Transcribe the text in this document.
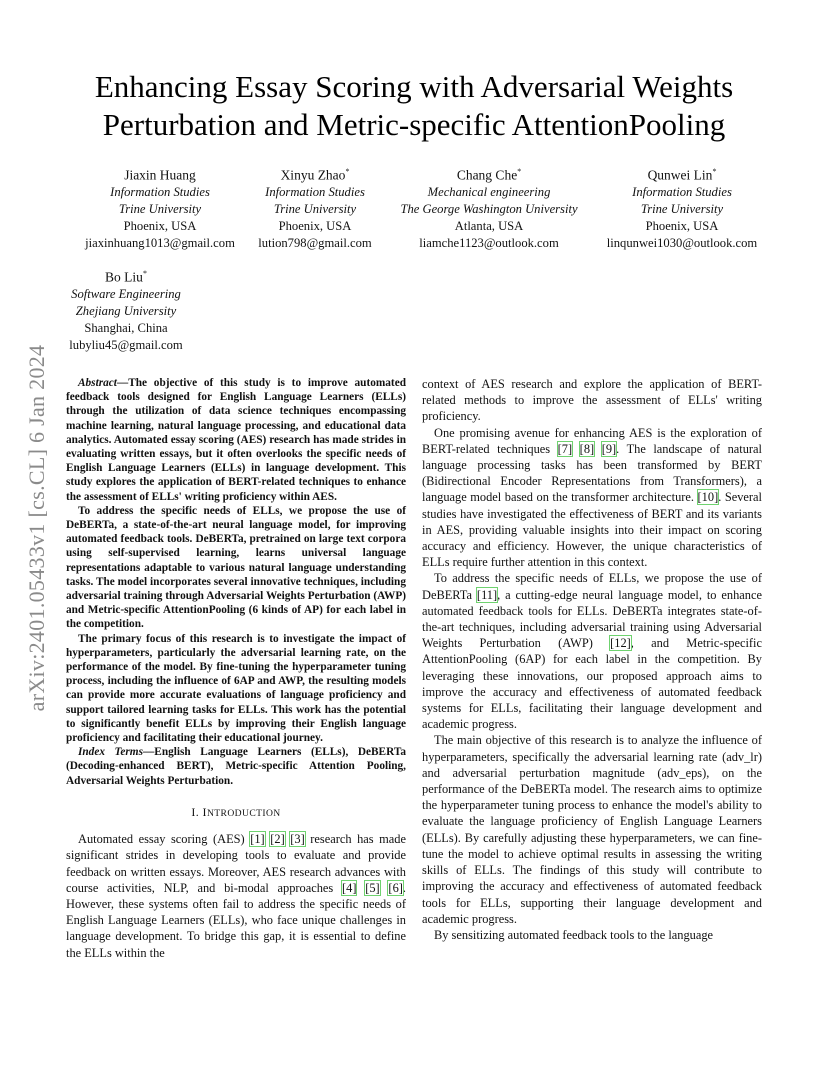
arXiv:2401.05433v1 [cs.CL] 6 Jan 2024
Enhancing Essay Scoring with Adversarial Weights Perturbation and Metric-specific AttentionPooling
Jiaxin Huang
Information Studies
Trine University
Phoenix, USA
jiaxinhuang1013@gmail.com
Xinyu Zhao*
Information Studies
Trine University
Phoenix, USA
lution798@gmail.com
Chang Che*
Mechanical engineering
The George Washington University
Atlanta, USA
liamche1123@outlook.com
Qunwei Lin*
Information Studies
Trine University
Phoenix, USA
linqunwei1030@outlook.com
Bo Liu*
Software Engineering
Zhejiang University
Shanghai, China
lubyliu45@gmail.com

Abstract—The objective of this study is to improve automated feedback tools designed for English Language Learners (ELLs) through the utilization of data science techniques encompassing machine learning, natural language processing, and educational data analytics. Automated essay scoring (AES) research has made strides in evaluating written essays, but it often overlooks the specific needs of English Language Learners (ELLs) in language development. This study explores the application of BERT-related techniques to enhance the assessment of ELLs' writing proficiency within AES.

To address the specific needs of ELLs, we propose the use of DeBERTa, a state-of-the-art neural language model, for improving automated feedback tools. DeBERTa, pretrained on large text corpora using self-supervised learning, learns universal language representations adaptable to various natural language understanding tasks. The model incorporates several innovative techniques, including adversarial training through Adversarial Weights Perturbation (AWP) and Metric-specific AttentionPooling (6 kinds of AP) for each label in the competition.

The primary focus of this research is to investigate the impact of hyperparameters, particularly the adversarial learning rate, on the performance of the model. By fine-tuning the hyperparameter tuning process, including the influence of 6AP and AWP, the resulting models can provide more accurate evaluations of language proficiency and support tailored learning tasks for ELLs. This work has the potential to significantly benefit ELLs by improving their English language proficiency and facilitating their educational journey.

Index Terms—English Language Learners (ELLs), DeBERTa (Decoding-enhanced BERT), Metric-specific Attention Pooling, Adversarial Weights Perturbation.

I. INTRODUCTION

Automated essay scoring (AES) [ 1 ] [ 2 ] [ 3 ] research has made significant strides in developing tools to evaluate and provide feedback on written essays. Moreover, AES research advances with course activities, NLP, and bi-modal approaches [ 4 ] [ 5 ] [ 6 ] . However, these systems often fail to address the specific needs of English Language Learners (ELLs), who face unique challenges in language development. To bridge this gap, it is essential to define the ELLs within the

context of AES research and explore the application of BERT-related methods to improve the assessment of ELLs' writing proficiency.

One promising avenue for enhancing AES is the exploration of BERT-related techniques [ 7 ] [ 8 ] [ 9 ] . The landscape of natural language processing tasks has been transformed by BERT (Bidirectional Encoder Representations from Transformers), a language model based on the transformer architecture. [ 10 ] . Several studies have investigated the effectiveness of BERT and its variants in AES, providing valuable insights into their impact on scoring accuracy and efficiency. However, the unique characteristics of ELLs require further attention in this context.

To address the specific needs of ELLs, we propose the use of DeBERTa [ 11 ] , a cutting-edge neural language model, to enhance automated feedback tools for ELLs. DeBERTa integrates state-of-the-art techniques, including adversarial training using Adversarial Weights Perturbation (AWP) [ 12 ] , and Metric-specific AttentionPooling (6AP) for each label in the competition. By leveraging these innovations, our proposed approach aims to improve the accuracy and effectiveness of automated feedback systems for ELLs, facilitating their language development and academic progress.

The main objective of this research is to analyze the influence of hyperparameters, specifically the adversarial learning rate (adv_lr) and adversarial perturbation magnitude (adv_eps), on the performance of the DeBERTa model. The research aims to optimize the hyperparameter tuning process to enhance the model's ability to evaluate the language proficiency of English Language Learners (ELLs). By carefully adjusting these hyperparameters, we can fine-tune the model to achieve optimal results in assessing the writing skills of ELLs. The findings of this study will contribute to improving the accuracy and effectiveness of automated feedback tools for ELLs, supporting their language development and academic progress.

By sensitizing automated feedback tools to the language
